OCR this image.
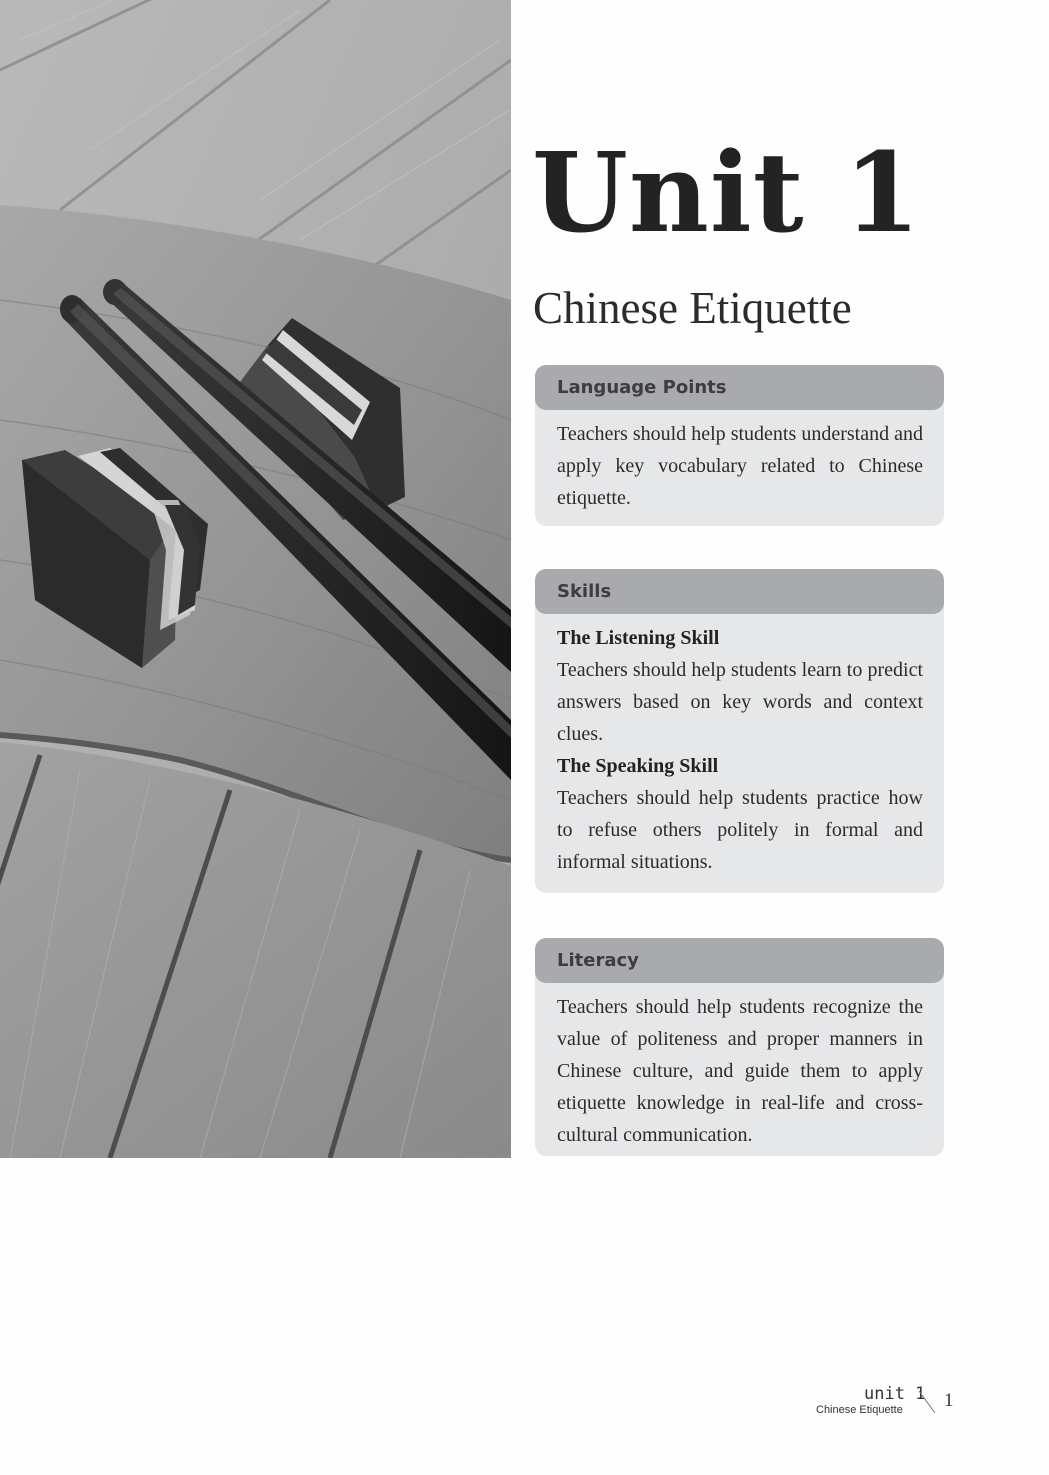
Unit 1
Chinese Etiquette
Language Points

Teachers should help students understand and apply key vocabulary related to Chinese etiquette.

Skills

The Listening Skill

Teachers should help students learn to predict answers based on key words and context clues.

The Speaking Skill

Teachers should help students practice how to refuse others politely in formal and informal situations.

Literacy

Teachers should help students recognize the value of politeness and proper manners in Chinese culture, and guide them to apply etiquette knowledge in real-life and cross-cultural communication.

unit 1
Chinese Etiquette 1
